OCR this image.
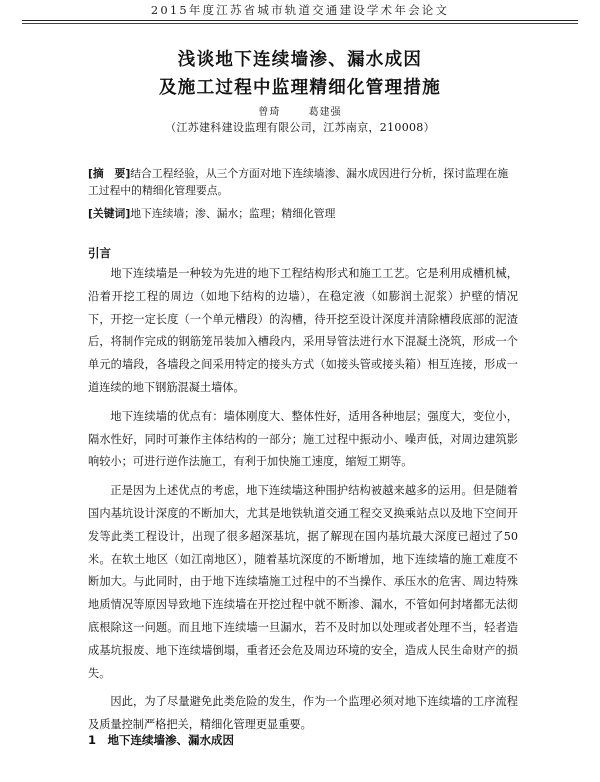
2015年度江苏省城市轨道交通建设学术年会论文
浅谈地下连续墙渗、漏水成因
及施工过程中监理精细化管理措施
曾琦	葛建强
（江苏建科建设监理有限公司，江苏南京，210008）
[摘　要]结合工程经验，从三个方面对地下连续墙渗、漏水成因进行分析，探讨监理在施工过程中的精细化管理要点。
[关键词]地下连续墙；渗、漏水；监理；精细化管理
引言

地下连续墙是一种较为先进的地下工程结构形式和施工工艺。它是利用成槽机械，沿着开挖工程的周边（如地下结构的边墙），在稳定液（如膨润土泥浆）护壁的情况下，开挖一定长度（一个单元槽段）的沟槽，待开挖至设计深度并清除槽段底部的泥渣后，将制作完成的钢筋笼吊装加入槽段内，采用导管法进行水下混凝土浇筑，形成一个单元的墙段，各墙段之间采用特定的接头方式（如接头管或接头箱）相互连接，形成一道连续的地下钢筋混凝土墙体。

地下连续墙的优点有：墙体刚度大、整体性好，适用各种地层；强度大，变位小，隔水性好，同时可兼作主体结构的一部分；施工过程中振动小、噪声低，对周边建筑影响较小；可进行逆作法施工，有利于加快施工速度，缩短工期等。

正是因为上述优点的考虑，地下连续墙这种围护结构被越来越多的运用。但是随着国内基坑设计深度的不断加大，尤其是地铁轨道交通工程交叉换乘站点以及地下空间开发等此类工程设计，出现了很多超深基坑，据了解现在国内基坑最大深度已超过了50米。在软土地区（如江南地区），随着基坑深度的不断增加，地下连续墙的施工难度不断加大。与此同时，由于地下连续墙施工过程中的不当操作、承压水的危害、周边特殊地质情况等原因导致地下连续墙在开挖过程中就不断渗、漏水，不管如何封堵都无法彻底根除这一问题。而且地下连续墙一旦漏水，若不及时加以处理或者处理不当，轻者造成基坑报废、地下连续墙倒塌，重者还会危及周边环境的安全，造成人民生命财产的损失。

因此，为了尽量避免此类危险的发生，作为一个监理必须对地下连续墙的工序流程及质量控制严格把关，精细化管理更显重要。

1　地下连续墙渗、漏水成因
